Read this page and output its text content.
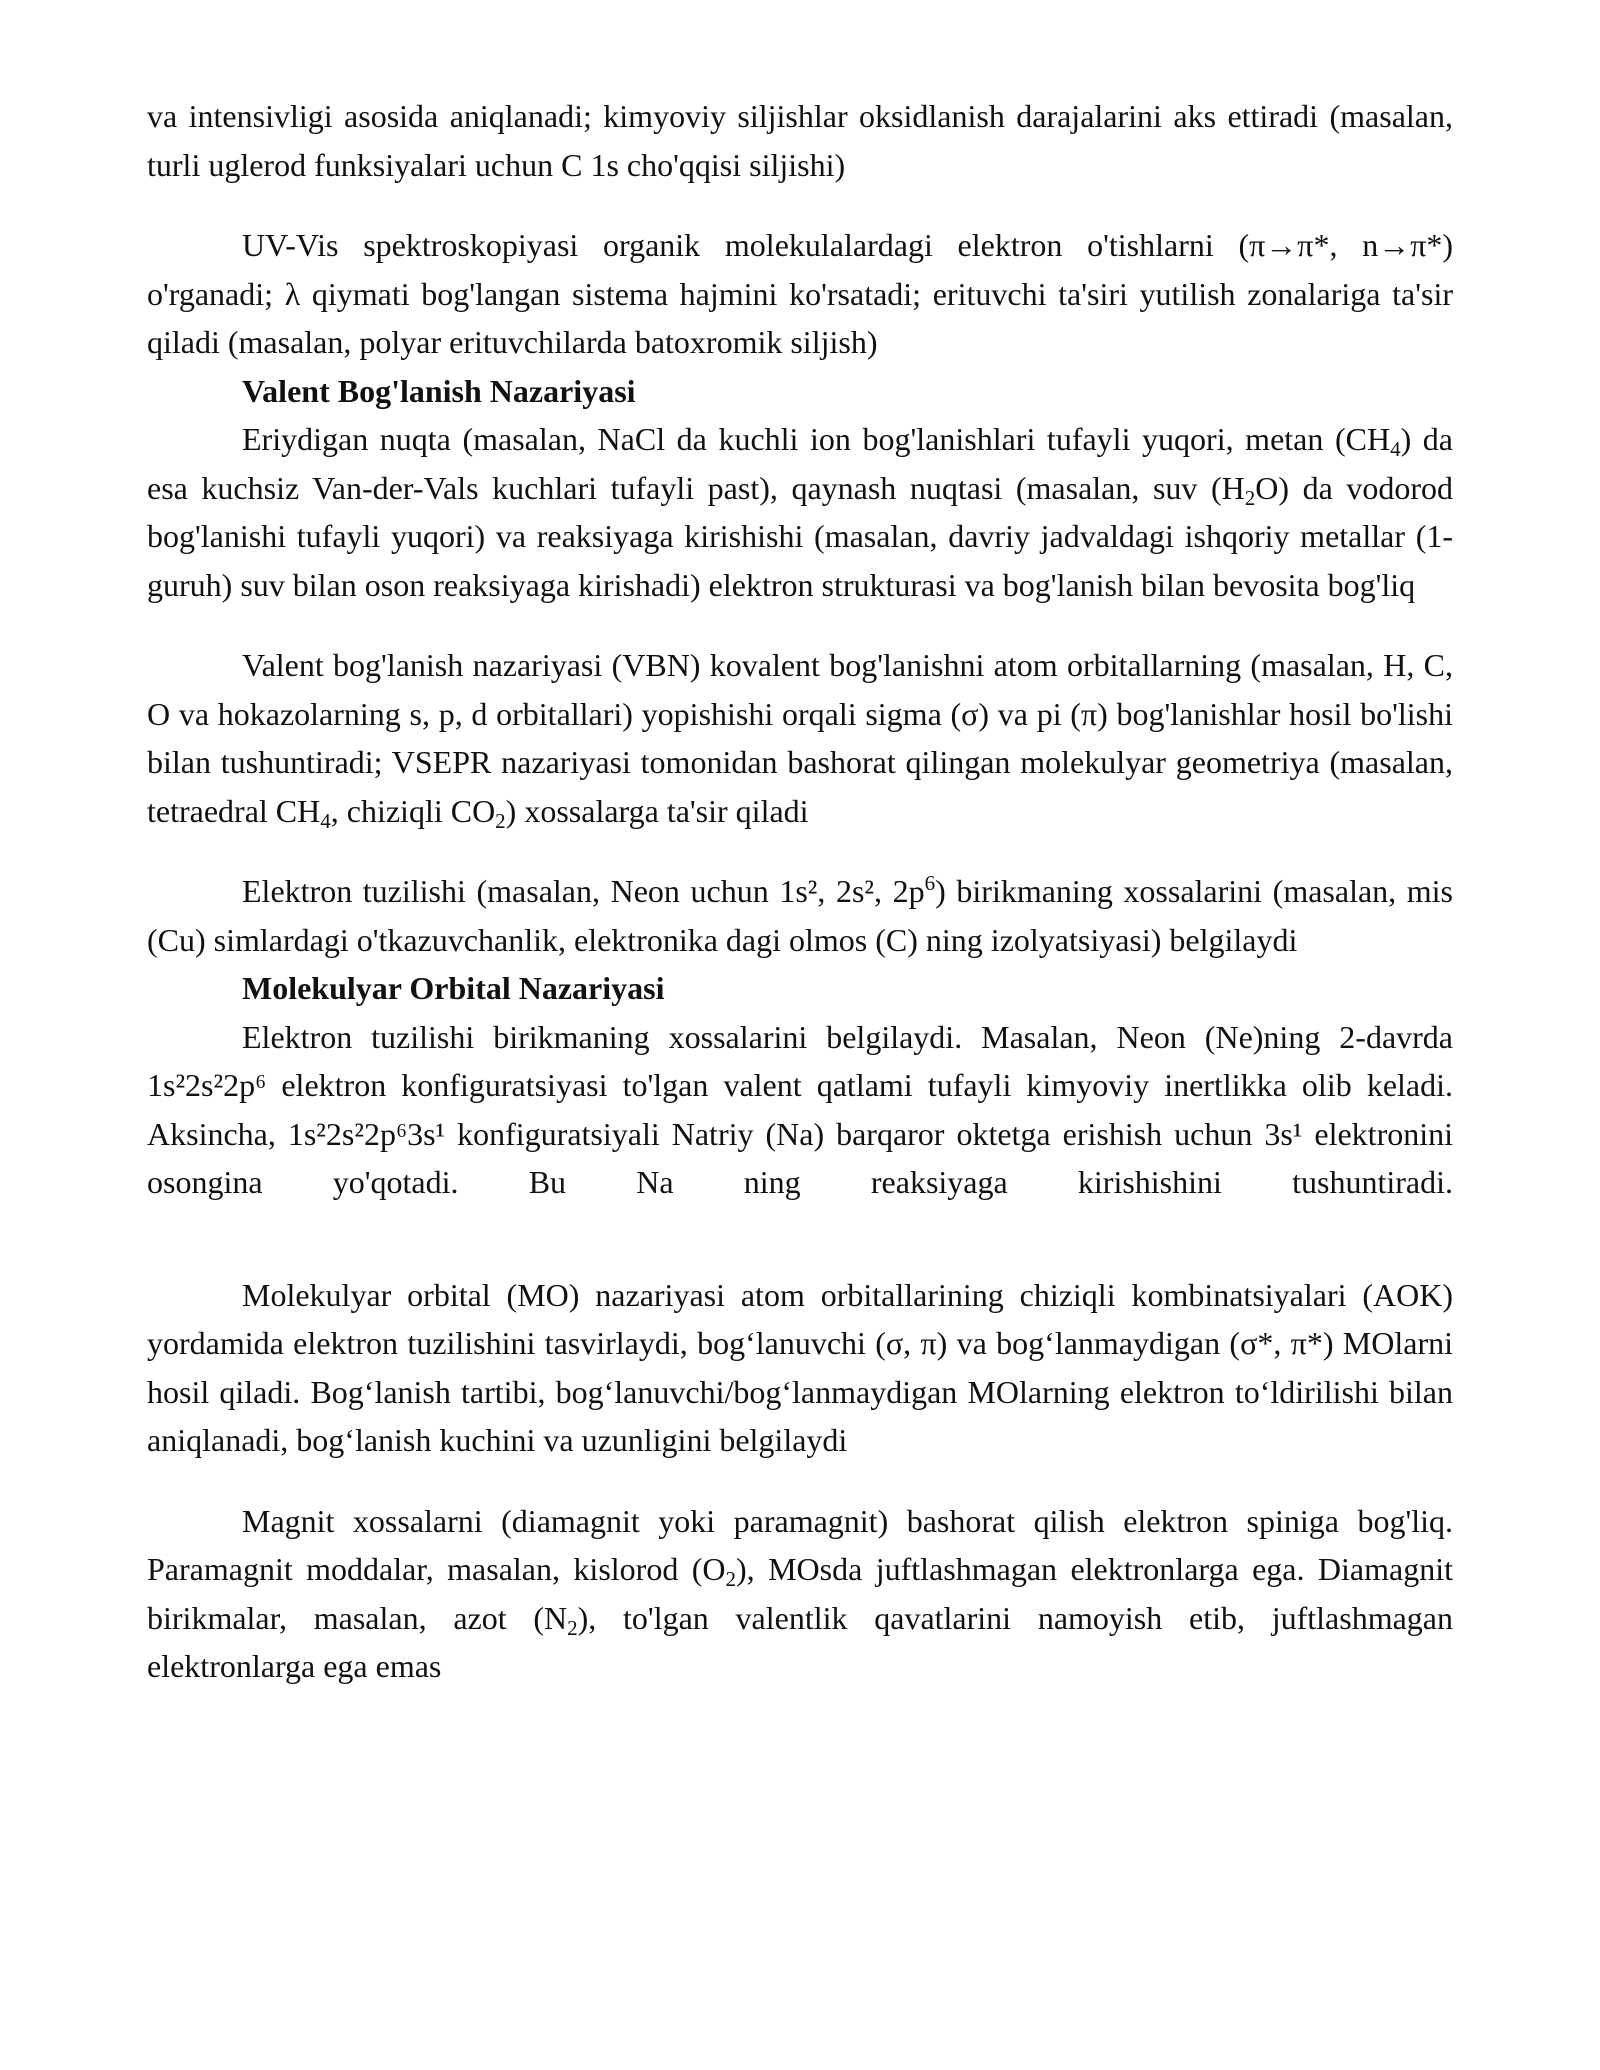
va intensivligi asosida aniqlanadi; kimyoviy siljishlar oksidlanish darajalarini aks ettiradi (masalan, turli uglerod funksiyalari uchun C 1s cho'qqisi siljishi)

UV-Vis spektroskopiyasi organik molekulalardagi elektron o'tishlarni (π→π*, n→π*) o'rganadi; λ qiymati bog'langan sistema hajmini ko'rsatadi; erituvchi ta'siri yutilish zonalariga ta'sir qiladi (masalan, polyar erituvchilarda batoxromik siljish)

Valent Bog'lanish Nazariyasi

Eriydigan nuqta (masalan, NaCl da kuchli ion bog'lanishlari tufayli yuqori, metan $(CH_4)$ da esa kuchsiz Van-der-Vals kuchlari tufayli past), qaynash nuqtasi (masalan, suv $(H_2O)$ da vodorod bog'lanishi tufayli yuqori) va reaksiyaga kirishishi (masalan, davriy jadvaldagi ishqoriy metallar (1-guruh) suv bilan oson reaksiyaga kirishadi) elektron strukturasi va bog'lanish bilan bevosita bog'liq

Valent bog'lanish nazariyasi (VBN) kovalent bog'lanishni atom orbitallarning (masalan, H, C, O va hokazolarning s, p, d orbitallari) yopishishi orqali sigma (σ) va pi (π) bog'lanishlar hosil bo'lishi bilan tushuntiradi; VSEPR nazariyasi tomonidan bashorat qilingan molekulyar geometriya (masalan, tetraedral $CH_4$, chiziqli $CO_2$) xossalarga ta'sir qiladi

Elektron tuzilishi (masalan, Neon uchun 1s², 2s², $2p^6$) birikmaning xossalarini (masalan, mis (Cu) simlardagi o'tkazuvchanlik, elektronika dagi olmos (C) ning izolyatsiyasi) belgilaydi

Molekulyar Orbital Nazariyasi

Elektron tuzilishi birikmaning xossalarini belgilaydi. Masalan, Neon (Ne)ning 2-davrda 1s²2s²2p⁶ elektron konfiguratsiyasi to'lgan valent qatlami tufayli kimyoviy inertlikka olib keladi. Aksincha, 1s²2s²2p⁶3s¹ konfiguratsiyali Natriy (Na) barqaror oktetga erishish uchun 3s¹ elektronini osongina yo'qotadi. Bu Na ning reaksiyaga kirishishini tushuntiradi.

Molekulyar orbital (MO) nazariyasi atom orbitallarining chiziqli kombinatsiyalari (AOK) yordamida elektron tuzilishini tasvirlaydi, bog‘lanuvchi (σ, π) va bog‘lanmaydigan (σ*, π*) MOlarni hosil qiladi. Bog‘lanish tartibi, bog‘lanuvchi/bog‘lanmaydigan MOlarning elektron to‘ldirilishi bilan aniqlanadi, bog‘lanish kuchini va uzunligini belgilaydi

Magnit xossalarni (diamagnit yoki paramagnit) bashorat qilish elektron spiniga bog'liq. Paramagnit moddalar, masalan, kislorod $(O_2)$, MOsda juftlashmagan elektronlarga ega. Diamagnit birikmalar, masalan, azot $(N_2)$, to'lgan valentlik qavatlarini namoyish etib, juftlashmagan elektronlarga ega emas
